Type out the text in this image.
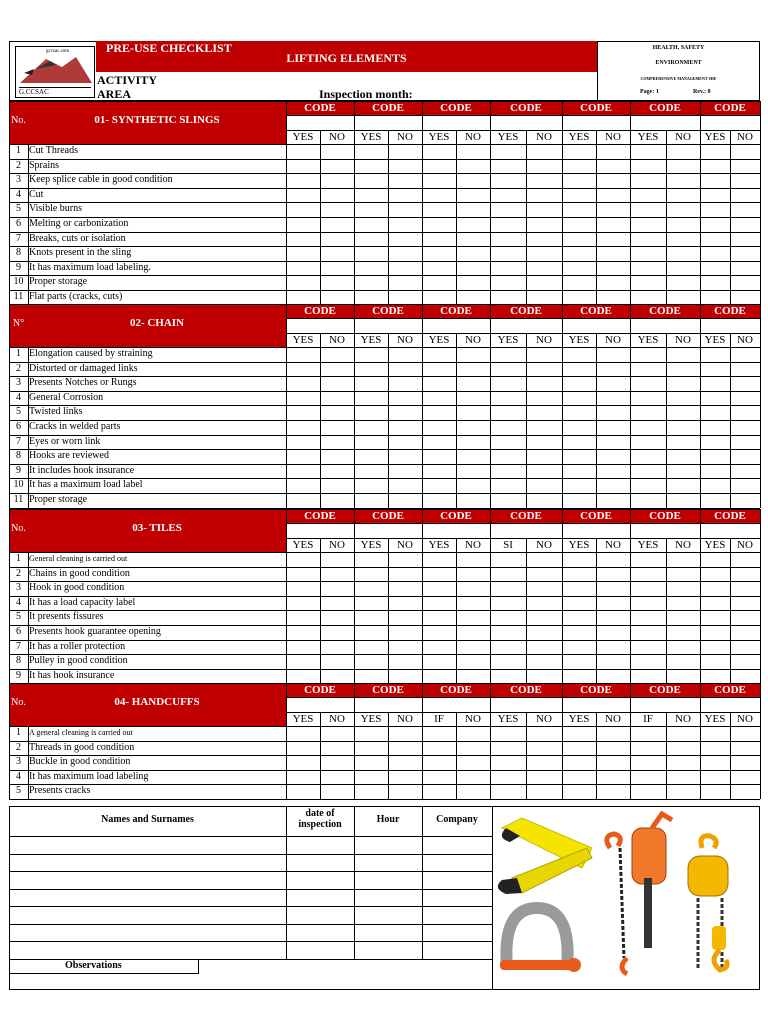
gccsac.com
G.CCSAC
PRE-USE CHECKLIST
LIFTING ELEMENTS
HEALTH, SAFETY
ENVIRONMENT
COMPREHENSIVE MANAGEMENT SHE
Page: 1	Rev.: 0
ACTIVITY
AREA	Inspection month:
No.	01- SYNTHETIC SLINGS
CODE	CODE	CODE	CODE	CODE	CODE	CODE
YES	NO	YES	NO	YES	NO	YES	NO	YES	NO	YES	NO	YES	NO
1 Cut Threads
2 Sprains
3 Keep splice cable in good condition
4 Cut
5 Visible burns
6 Melting or carbonization
7 Breaks, cuts or isolation
8 Knots present in the sling
9 It has maximum load labeling.
10 Proper storage
11 Flat parts (cracks, cuts)
N°	02- CHAIN
CODE	CODE	CODE	CODE	CODE	CODE	CODE
YES	NO	YES	NO	YES	NO	YES	NO	YES	NO	YES	NO	YES	NO
1 Elongation caused by straining
2 Distorted or damaged links
3 Presents Notches or Rungs
4 General Corrosion
5 Twisted links
6 Cracks in welded parts
7 Eyes or worn link
8 Hooks are reviewed
9 It includes hook insurance
10 It has a maximum load label
11 Proper storage
No.	03- TILES
CODE	CODE	CODE	CODE	CODE	CODE	CODE
YES	NO	YES	NO	YES	NO	SI	NO	YES	NO	YES	NO	YES	NO
1	General cleaning is carried out
2 Chains in good condition
3 Hook in good condition
4 It has a load capacity label
5 It presents fissures
6 Presents hook guarantee opening
7 It has a roller protection
8 Pulley in good condition
9 It has hook insurance
No.	04- HANDCUFFS
CODE	CODE	CODE	CODE	CODE	CODE	CODE
YES	NO	YES	NO	IF	NO	YES	NO	YES	NO	IF	NO	YES	NO
1	A general cleaning is carried out
2 Threads in good condition
3 Buckle in good condition
4 It has maximum load labeling
5 Presents cracks
Names and Surnames
date of inspection	Hour	Company
Observations
